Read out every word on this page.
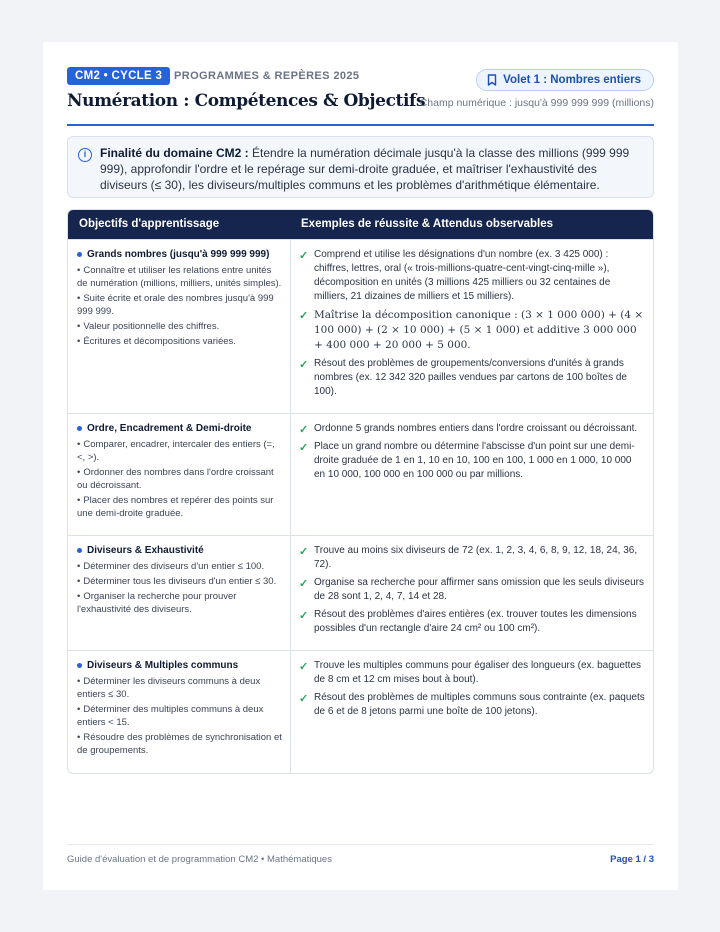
CM2 • CYCLE 3	PROGRAMMES & REPÈRES 2025
Numération : Compétences & Objectifs
Volet 1 : Nombres entiers
Champ numérique : jusqu'à 999 999 999 (millions)
i	Finalité du domaine CM2 : Étendre la numération décimale jusqu'à la classe des millions (999 999 999), approfondir l'ordre et le repérage sur demi-droite graduée, et maîtriser l'exhaustivité des diviseurs (≤ 30), les diviseurs/multiples communs et les problèmes d'arithmétique élémentaire.

Objectifs d'apprentissage	Exemples de réussite & Attendus observables
Grands nombres (jusqu'à 999 999 999)
• Connaître et utiliser les relations entre unités de numération (millions, milliers, unités simples).
• Suite écrite et orale des nombres jusqu'à 999 999 999.
• Valeur positionnelle des chiffres.
• Écritures et décompositions variées.
✓ Comprend et utilise les désignations d'un nombre (ex. 3 425 000) : chiffres, lettres, oral (« trois-millions-quatre-cent-vingt-cinq-mille »), décomposition en unités (3 millions 425 milliers ou 32 centaines de milliers, 21 dizaines de milliers et 15 milliers).
✓ Maîtrise la décomposition canonique : (3 × 1 000 000) + (4 × 100 000) + (2 × 10 000) + (5 × 1 000) et additive 3 000 000 + 400 000 + 20 000 + 5 000.
✓ Résout des problèmes de groupements/conversions d'unités à grands nombres (ex. 12 342 320 pailles vendues par cartons de 100 boîtes de 100).
Ordre, Encadrement & Demi-droite
• Comparer, encadrer, intercaler des entiers (=, <, >).
• Ordonner des nombres dans l'ordre croissant ou décroissant.
• Placer des nombres et repérer des points sur une demi-droite graduée.
✓ Ordonne 5 grands nombres entiers dans l'ordre croissant ou décroissant.
✓ Place un grand nombre ou détermine l'abscisse d'un point sur une demi-droite graduée de 1 en 1, 10 en 10, 100 en 100, 1 000 en 1 000, 10 000 en 10 000, 100 000 en 100 000 ou par millions.
Diviseurs & Exhaustivité
• Déterminer des diviseurs d'un entier ≤ 100.
• Déterminer tous les diviseurs d'un entier ≤ 30.
• Organiser la recherche pour prouver l'exhaustivité des diviseurs.
✓ Trouve au moins six diviseurs de 72 (ex. 1, 2, 3, 4, 6, 8, 9, 12, 18, 24, 36, 72).
✓ Organise sa recherche pour affirmer sans omission que les seuls diviseurs de 28 sont 1, 2, 4, 7, 14 et 28.
✓ Résout des problèmes d'aires entières (ex. trouver toutes les dimensions possibles d'un rectangle d'aire 24 cm² ou 100 cm²).
Diviseurs & Multiples communs
• Déterminer les diviseurs communs à deux entiers ≤ 30.
• Déterminer des multiples communs à deux entiers < 15.
• Résoudre des problèmes de synchronisation et de groupements.
✓ Trouve les multiples communs pour égaliser des longueurs (ex. baguettes de 8 cm et 12 cm mises bout à bout).
✓ Résout des problèmes de multiples communs sous contrainte (ex. paquets de 6 et de 8 jetons parmi une boîte de 100 jetons).
Guide d'évaluation et de programmation CM2 • Mathématiques	Page 1 / 3
